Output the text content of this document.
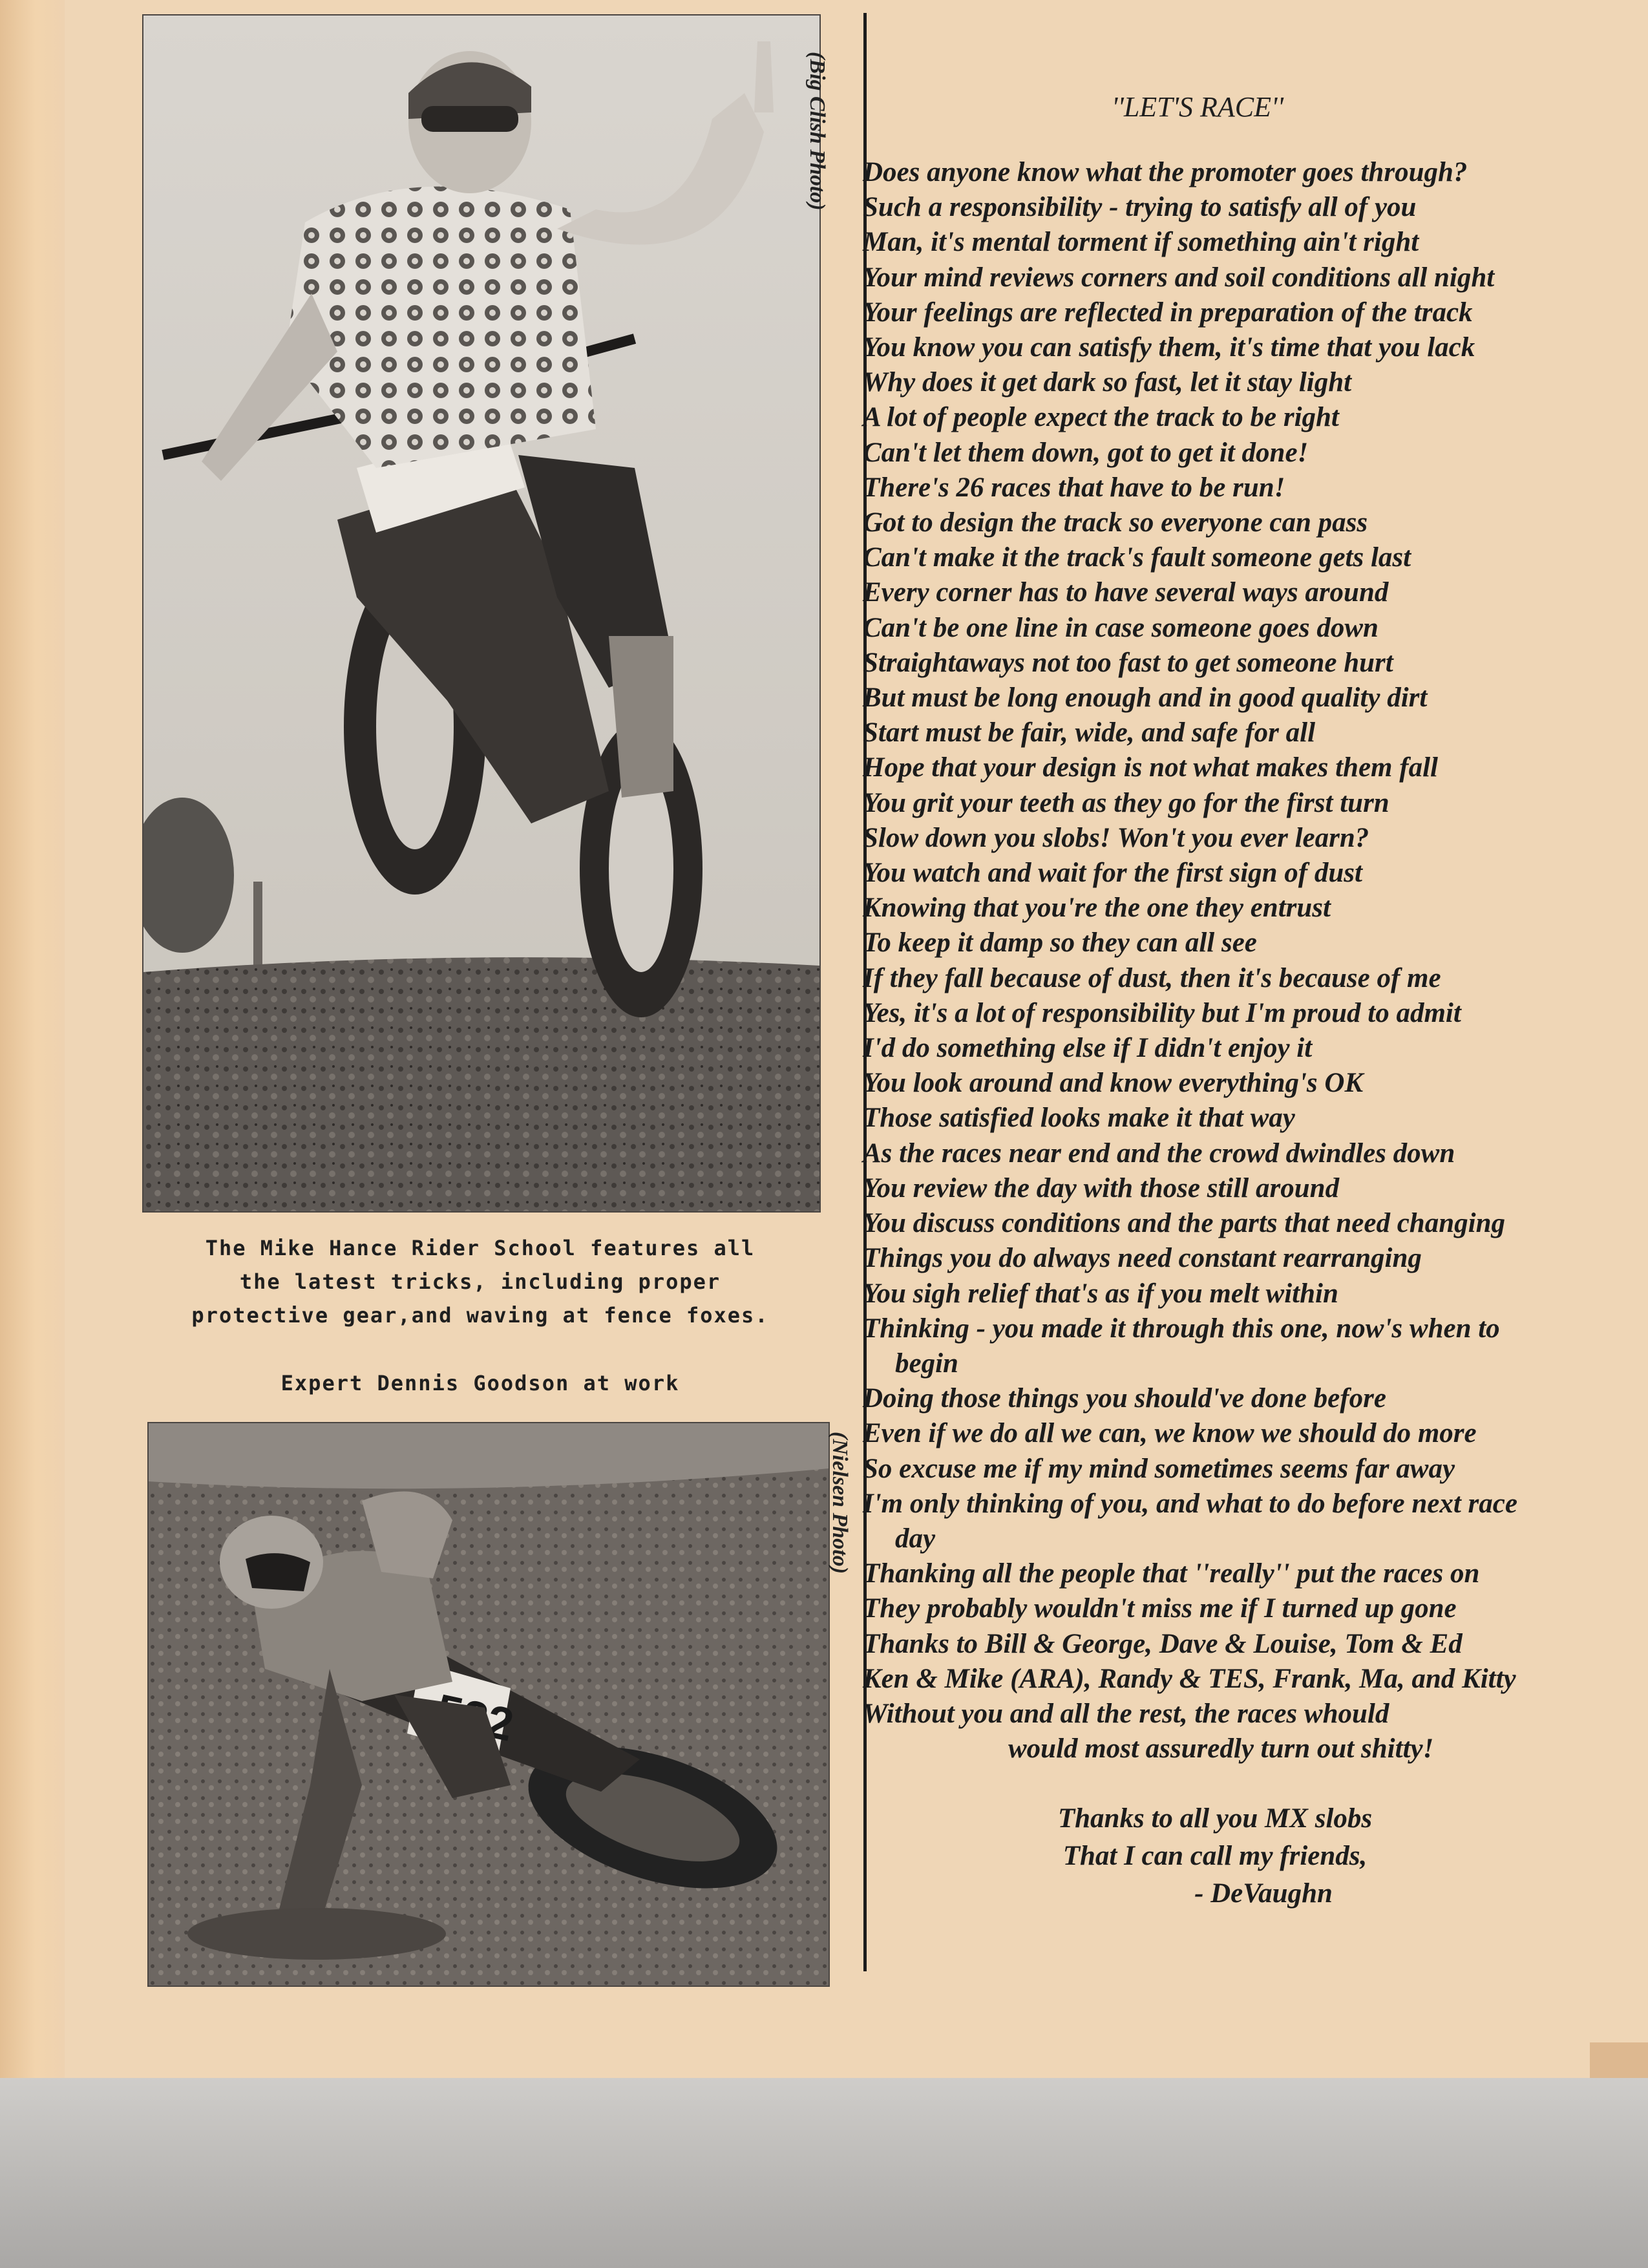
(Big Clish Photo)
The Mike Hance Rider School features all
the latest tricks, including proper
protective gear,and waving at fence foxes.
Expert Dennis Goodson at work
(Nielsen Photo)
''LET'S RACE''
Does anyone know what the promoter goes through?
Such a responsibility - trying to satisfy all of you
Man, it's mental torment if something ain't right
Your mind reviews corners and soil conditions all night
Your feelings are reflected in preparation of the track
You know you can satisfy them, it's time that you lack
Why does it get dark so fast, let it stay light
A lot of people expect the track to be right
Can't let them down, got to get it done!
There's 26 races that have to be run!
Got to design the track so everyone can pass
Can't make it the track's fault someone gets last
Every corner has to have several ways around
Can't be one line in case someone goes down
Straightaways not too fast to get someone hurt
But must be long enough and in good quality dirt
Start must be fair, wide, and safe for all
Hope that your design is not what makes them fall
You grit your teeth as they go for the first turn
Slow down you slobs! Won't you ever learn?
You watch and wait for the first sign of dust
Knowing that you're the one they entrust
To keep it damp so they can all see
If they fall because of dust, then it's because of me
Yes, it's a lot of responsibility but I'm proud to admit
I'd do something else if I didn't enjoy it
You look around and know everything's OK
Those satisfied looks make it that way
As the races near end and the crowd dwindles down
You review the day with those still around
You discuss conditions and the parts that need changing
Things you do always need constant rearranging
You sigh relief that's as if you melt within
Thinking - you made it through this one, now's when to
begin
Doing those things you should've done before
Even if we do all we can, we know we should do more
So excuse me if my mind sometimes seems far away
I'm only thinking of you, and what to do before next race
day
Thanking all the people that ''really'' put the races on
They probably wouldn't miss me if I turned up gone
Thanks to Bill & George, Dave & Louise, Tom & Ed
Ken & Mike (ARA), Randy & TES, Frank, Ma, and Kitty
Without you and all the rest, the races whould
would most assuredly turn out shitty!
Thanks to all you MX slobs
That I can call my friends,
- DeVaughn
